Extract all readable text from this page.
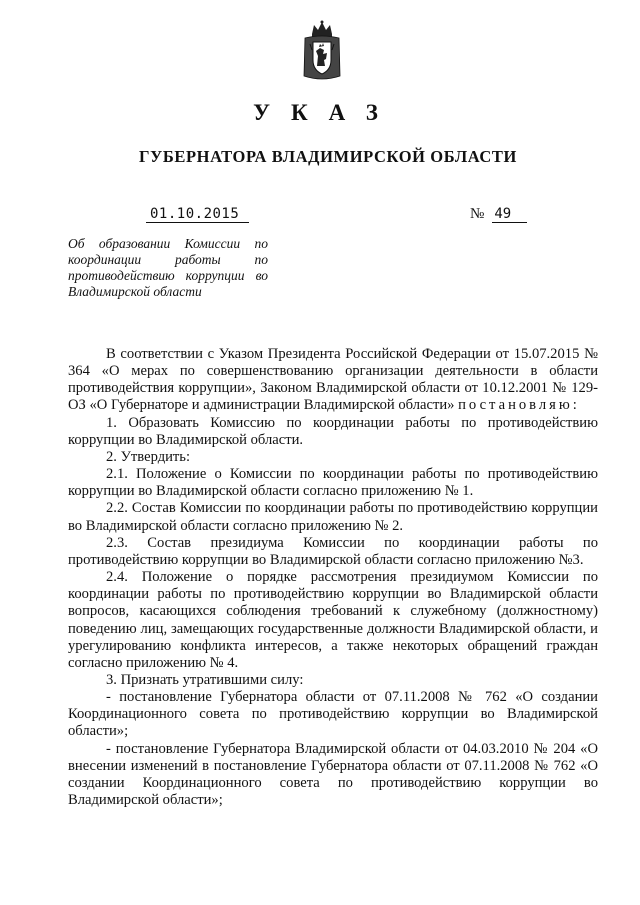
УКАЗ
ГУБЕРНАТОРА ВЛАДИМИРСКОЙ ОБЛАСТИ
01.10.2015	№ 49
Об образовании Комиссии по координации работы по противодействию коррупции во Владимирской области

В соответствии с Указом Президента Российской Федерации от 15.07.2015 № 364 «О мерах по совершенствованию организации деятельности в области противодействия коррупции», Законом Владимирской области от 10.12.2001 № 129-ОЗ «О Губернаторе и администрации Владимирской области» постановляю:

1. Образовать Комиссию по координации работы по противодействию коррупции во Владимирской области.

2. Утвердить:

2.1. Положение о Комиссии по координации работы по противодействию коррупции во Владимирской области согласно приложению № 1.

2.2. Состав Комиссии по координации работы по противодействию коррупции во Владимирской области согласно приложению № 2.

2.3. Состав президиума Комиссии по координации работы по противодействию коррупции во Владимирской области согласно приложению №3.

2.4. Положение о порядке рассмотрения президиумом Комиссии по координации работы по противодействию коррупции во Владимирской области вопросов, касающихся соблюдения требований к служебному (должностному) поведению лиц, замещающих государственные должности Владимирской области, и урегулированию конфликта интересов, а также некоторых обращений граждан согласно приложению № 4.

3. Признать утратившими силу:

- постановление Губернатора области от 07.11.2008 № 762 «О создании Координационного совета по противодействию коррупции во Владимирской области»;

- постановление Губернатора Владимирской области от 04.03.2010 № 204 «О внесении изменений в постановление Губернатора области от 07.11.2008 № 762 «О создании Координационного совета по противодействию коррупции во Владимирской области»;
